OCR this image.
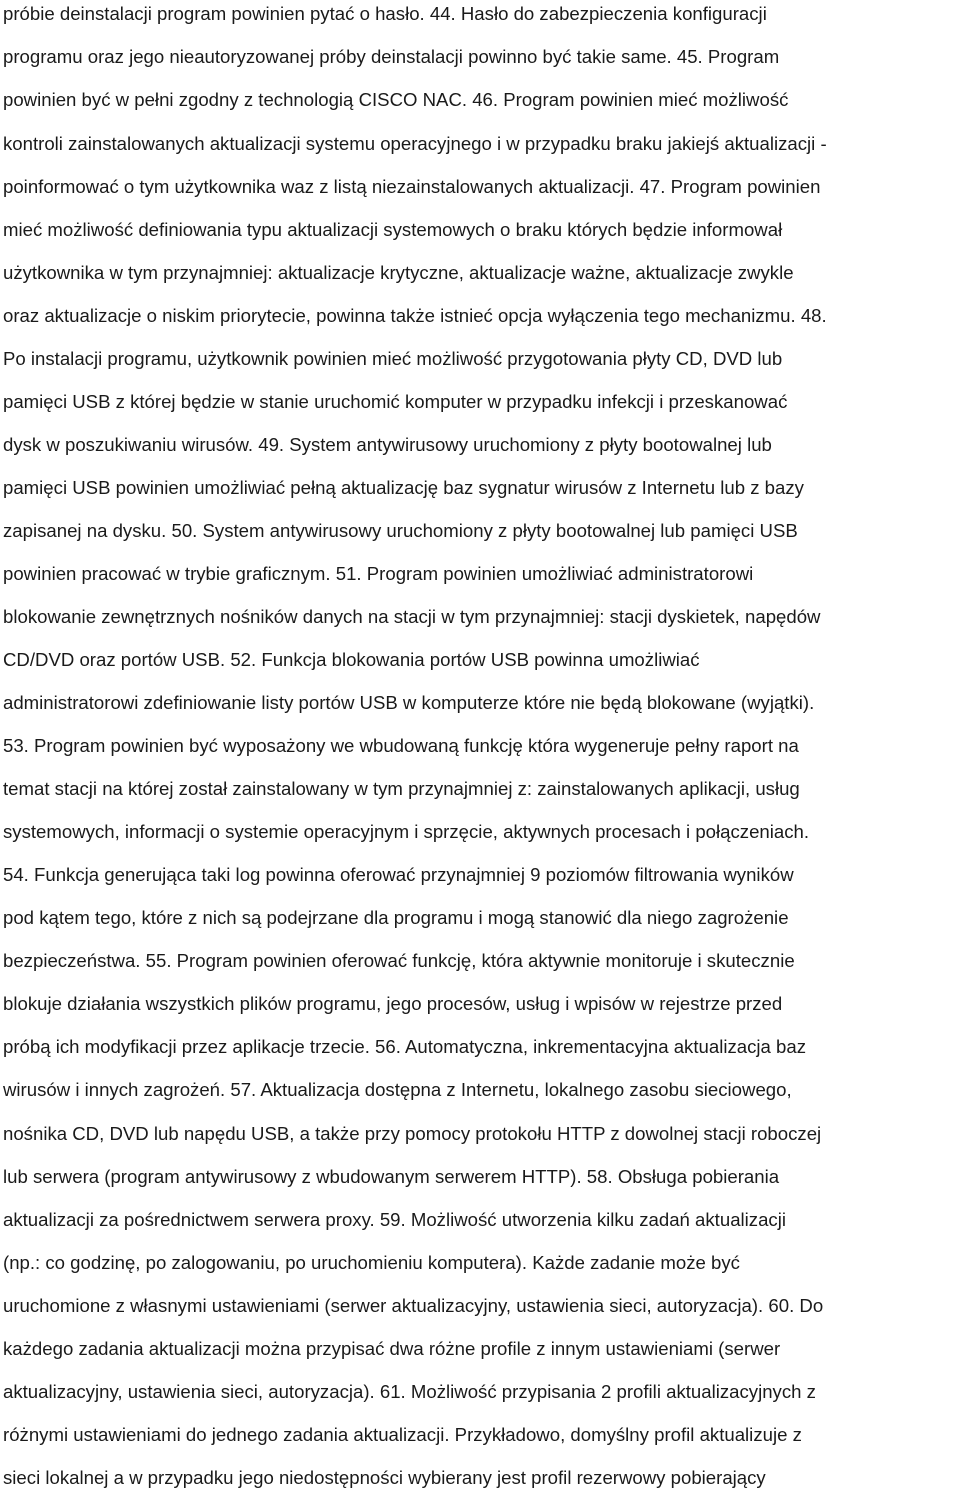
próbie deinstalacji program powinien pytać o hasło. 44. Hasło do zabezpieczenia konfiguracji
programu oraz jego nieautoryzowanej próby deinstalacji powinno być takie same. 45. Program
powinien być w pełni zgodny z technologią CISCO NAC. 46. Program powinien mieć możliwość
kontroli zainstalowanych aktualizacji systemu operacyjnego i w przypadku braku jakiejś aktualizacji -
poinformować o tym użytkownika waz z listą niezainstalowanych aktualizacji. 47. Program powinien
mieć możliwość definiowania typu aktualizacji systemowych o braku których będzie informował
użytkownika w tym przynajmniej: aktualizacje krytyczne, aktualizacje ważne, aktualizacje zwykle
oraz aktualizacje o niskim priorytecie, powinna także istnieć opcja wyłączenia tego mechanizmu. 48.
Po instalacji programu, użytkownik powinien mieć możliwość przygotowania płyty CD, DVD lub
pamięci USB z której będzie w stanie uruchomić komputer w przypadku infekcji i przeskanować
dysk w poszukiwaniu wirusów. 49. System antywirusowy uruchomiony z płyty bootowalnej lub
pamięci USB powinien umożliwiać pełną aktualizację baz sygnatur wirusów z Internetu lub z bazy
zapisanej na dysku. 50. System antywirusowy uruchomiony z płyty bootowalnej lub pamięci USB
powinien pracować w trybie graficznym. 51. Program powinien umożliwiać administratorowi
blokowanie zewnętrznych nośników danych na stacji w tym przynajmniej: stacji dyskietek, napędów
CD/DVD oraz portów USB. 52. Funkcja blokowania portów USB powinna umożliwiać
administratorowi zdefiniowanie listy portów USB w komputerze które nie będą blokowane (wyjątki).
53. Program powinien być wyposażony we wbudowaną funkcję która wygeneruje pełny raport na
temat stacji na której został zainstalowany w tym przynajmniej z: zainstalowanych aplikacji, usług
systemowych, informacji o systemie operacyjnym i sprzęcie, aktywnych procesach i połączeniach.
54. Funkcja generująca taki log powinna oferować przynajmniej 9 poziomów filtrowania wyników
pod kątem tego, które z nich są podejrzane dla programu i mogą stanowić dla niego zagrożenie
bezpieczeństwa. 55. Program powinien oferować funkcję, która aktywnie monitoruje i skutecznie
blokuje działania wszystkich plików programu, jego procesów, usług i wpisów w rejestrze przed
próbą ich modyfikacji przez aplikacje trzecie. 56. Automatyczna, inkrementacyjna aktualizacja baz
wirusów i innych zagrożeń. 57. Aktualizacja dostępna z Internetu, lokalnego zasobu sieciowego,
nośnika CD, DVD lub napędu USB, a także przy pomocy protokołu HTTP z dowolnej stacji roboczej
lub serwera (program antywirusowy z wbudowanym serwerem HTTP). 58. Obsługa pobierania
aktualizacji za pośrednictwem serwera proxy. 59. Możliwość utworzenia kilku zadań aktualizacji
(np.: co godzinę, po zalogowaniu, po uruchomieniu komputera). Każde zadanie może być
uruchomione z własnymi ustawieniami (serwer aktualizacyjny, ustawienia sieci, autoryzacja). 60. Do
każdego zadania aktualizacji można przypisać dwa różne profile z innym ustawieniami (serwer
aktualizacyjny, ustawienia sieci, autoryzacja). 61. Możliwość przypisania 2 profili aktualizacyjnych z
różnymi ustawieniami do jednego zadania aktualizacji. Przykładowo, domyślny profil aktualizuje z
sieci lokalnej a w przypadku jego niedostępności wybierany jest profil rezerwowy pobierający
